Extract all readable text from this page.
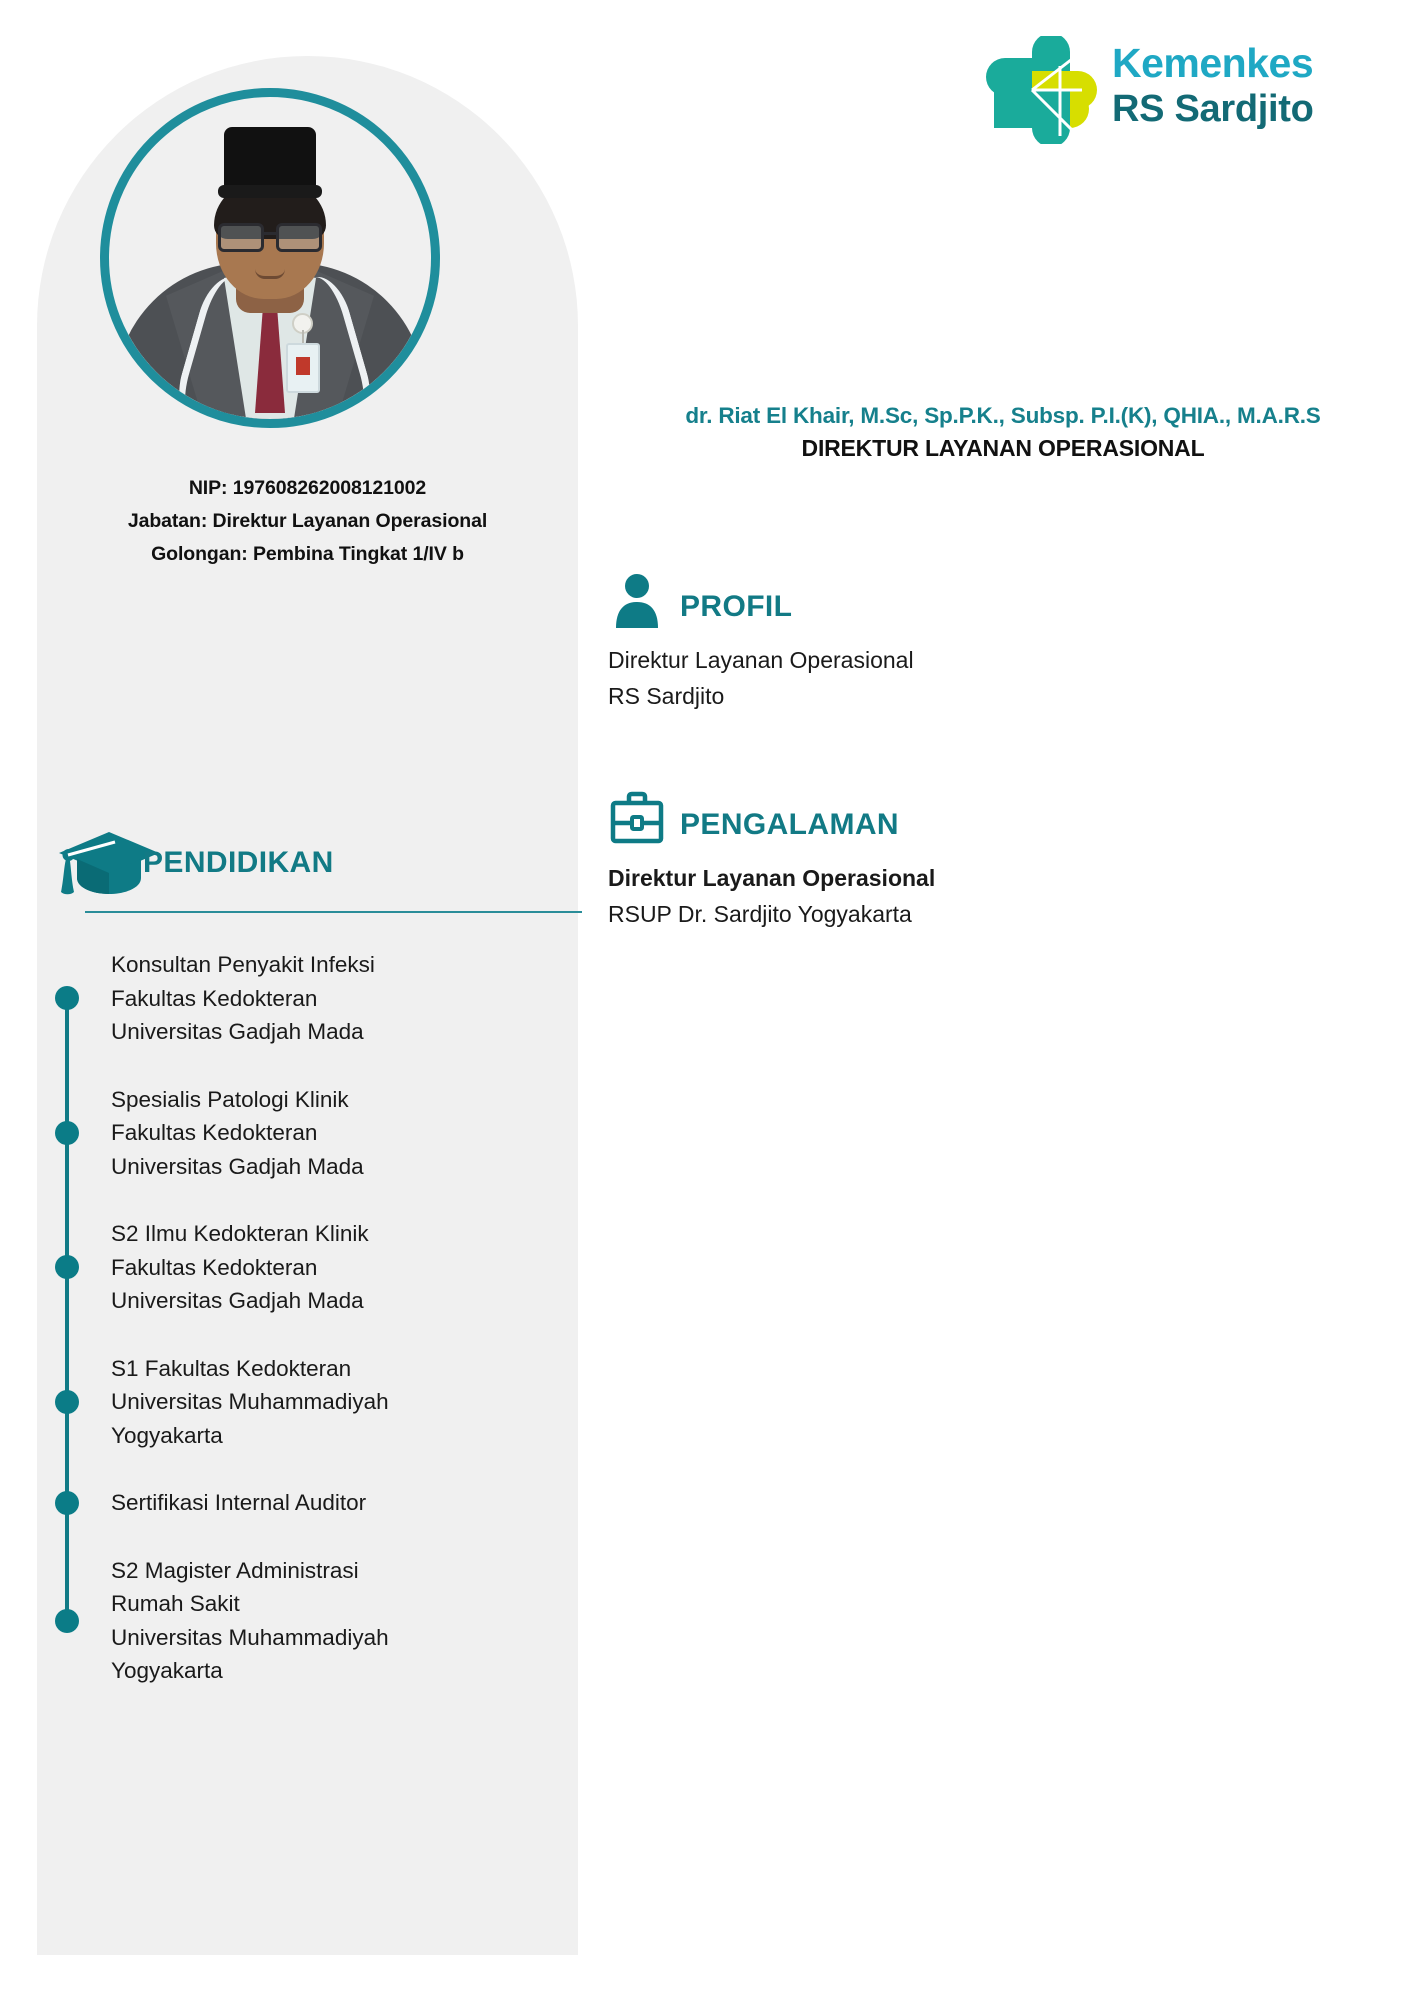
NIP: 197608262008121002
Jabatan: Direktur Layanan Operasional
Golongan: Pembina Tingkat 1/IV b
PENDIDIKAN
Konsultan Penyakit Infeksi
Fakultas Kedokteran
Universitas Gadjah Mada
Spesialis Patologi Klinik
Fakultas Kedokteran
Universitas Gadjah Mada
S2 Ilmu Kedokteran Klinik
Fakultas Kedokteran
Universitas Gadjah Mada
S1 Fakultas Kedokteran
Universitas Muhammadiyah
Yogyakarta
Sertifikasi Internal Auditor
S2 Magister Administrasi
Rumah Sakit
Universitas Muhammadiyah
Yogyakarta
Kemenkes
RS Sardjito
dr. Riat El Khair, M.Sc, Sp.P.K., Subsp. P.I.(K), QHIA., M.A.R.S
DIREKTUR LAYANAN OPERASIONAL
PROFIL
Direktur Layanan Operasional
RS Sardjito
PENGALAMAN
Direktur Layanan Operasional
RSUP Dr. Sardjito Yogyakarta
